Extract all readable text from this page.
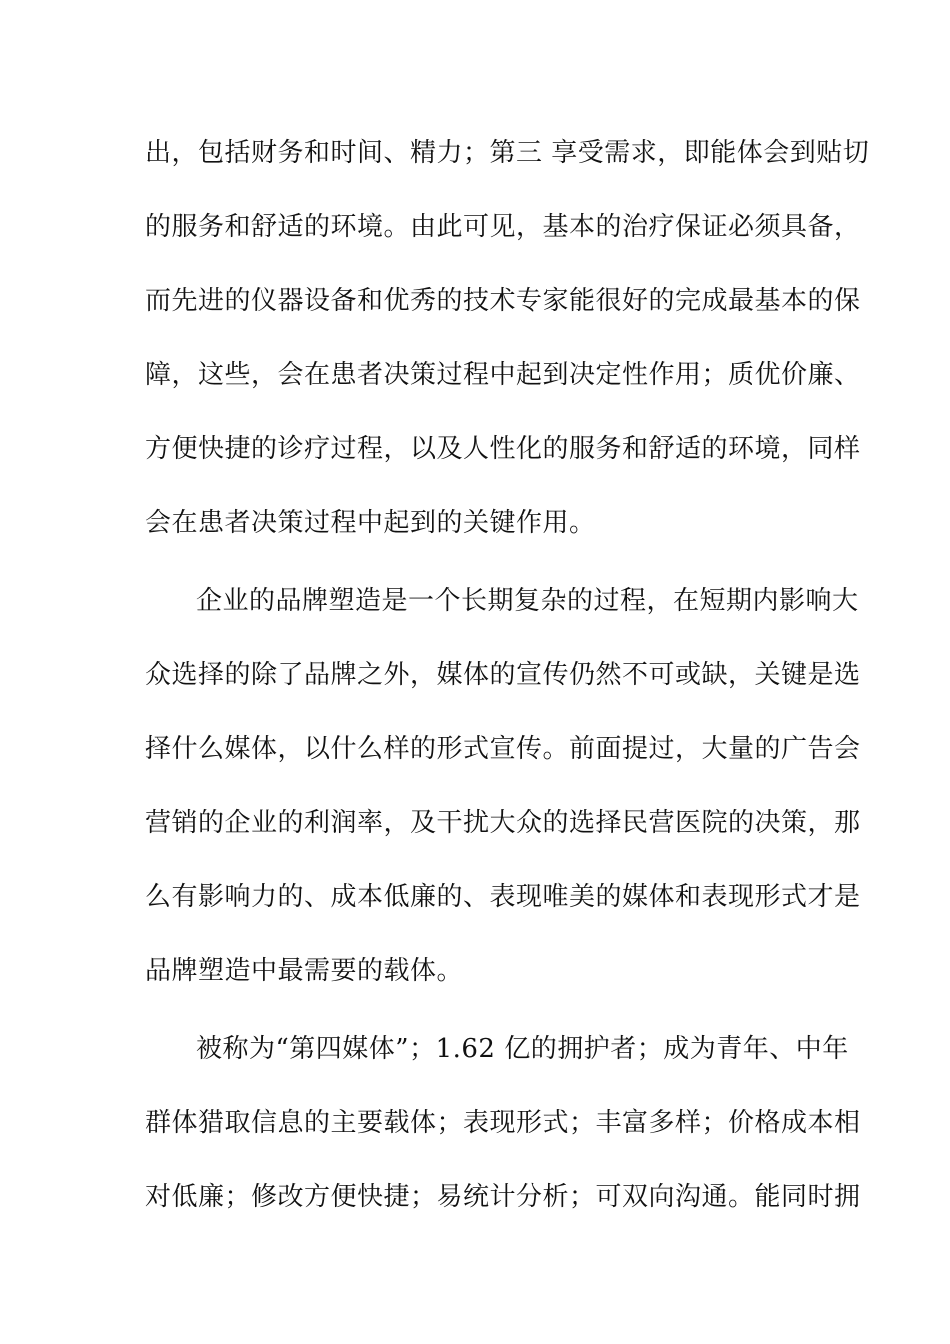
出，包括财务和时间、精力；第三 享受需求，即能体会到贴切
的服务和舒适的环境。由此可见，基本的治疗保证必须具备，
而先进的仪器设备和优秀的技术专家能很好的完成最基本的保
障，这些，会在患者决策过程中起到决定性作用；质优价廉、
方便快捷的诊疗过程，以及人性化的服务和舒适的环境，同样
会在患者决策过程中起到的关键作用。
企业的品牌塑造是一个长期复杂的过程，在短期内影响大
众选择的除了品牌之外，媒体的宣传仍然不可或缺，关键是选
择什么媒体，以什么样的形式宣传。前面提过，大量的广告会
营销的企业的利润率，及干扰大众的选择民营医院的决策，那
么有影响力的、成本低廉的、表现唯美的媒体和表现形式才是
品牌塑造中最需要的载体。
被称为“第四媒体”；1.62 亿的拥护者；成为青年、中年
群体猎取信息的主要载体；表现形式；丰富多样；价格成本相
对低廉；修改方便快捷；易统计分析；可双向沟通。能同时拥
